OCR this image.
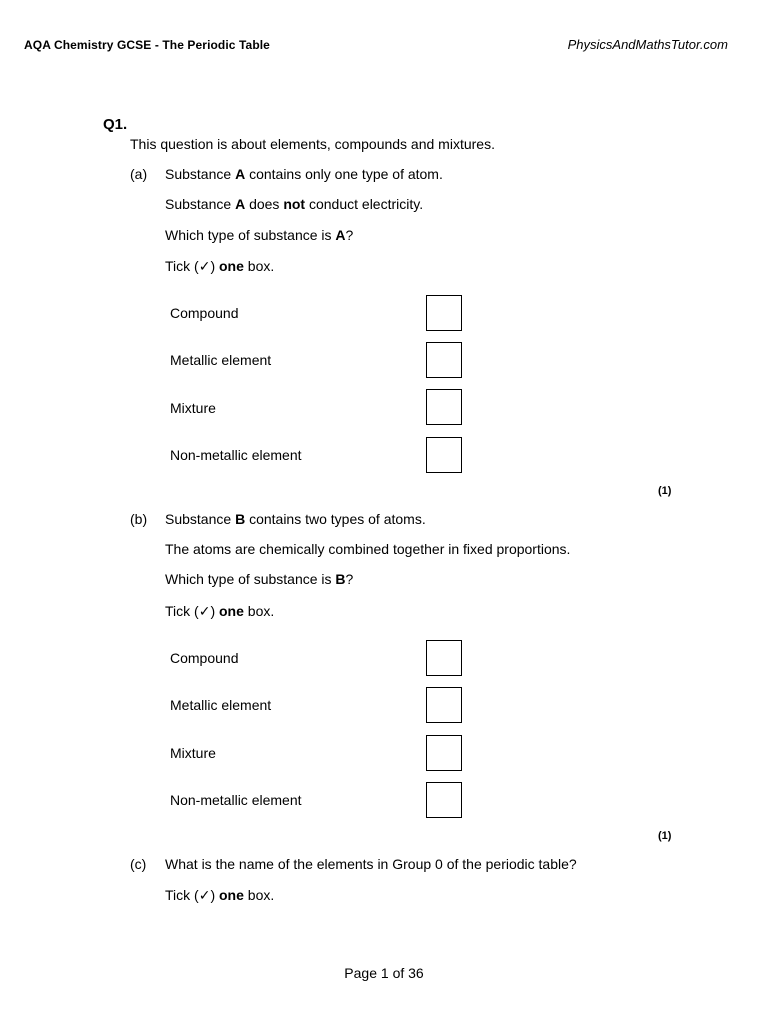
AQA Chemistry GCSE - The Periodic Table	PhysicsAndMathsTutor.com
Q1.
This question is about elements, compounds and mixtures.
(a) Substance A contains only one type of atom.
Substance A does not conduct electricity.
Which type of substance is A?
Tick (✓) one box.
Compound
Metallic element
Mixture
Non-metallic element
(1)
(b) Substance B contains two types of atoms.
The atoms are chemically combined together in fixed proportions.
Which type of substance is B?
Tick (✓) one box.
Compound
Metallic element
Mixture
Non-metallic element
(1)
(c) What is the name of the elements in Group 0 of the periodic table?
Tick (✓) one box.
Page 1 of 36
